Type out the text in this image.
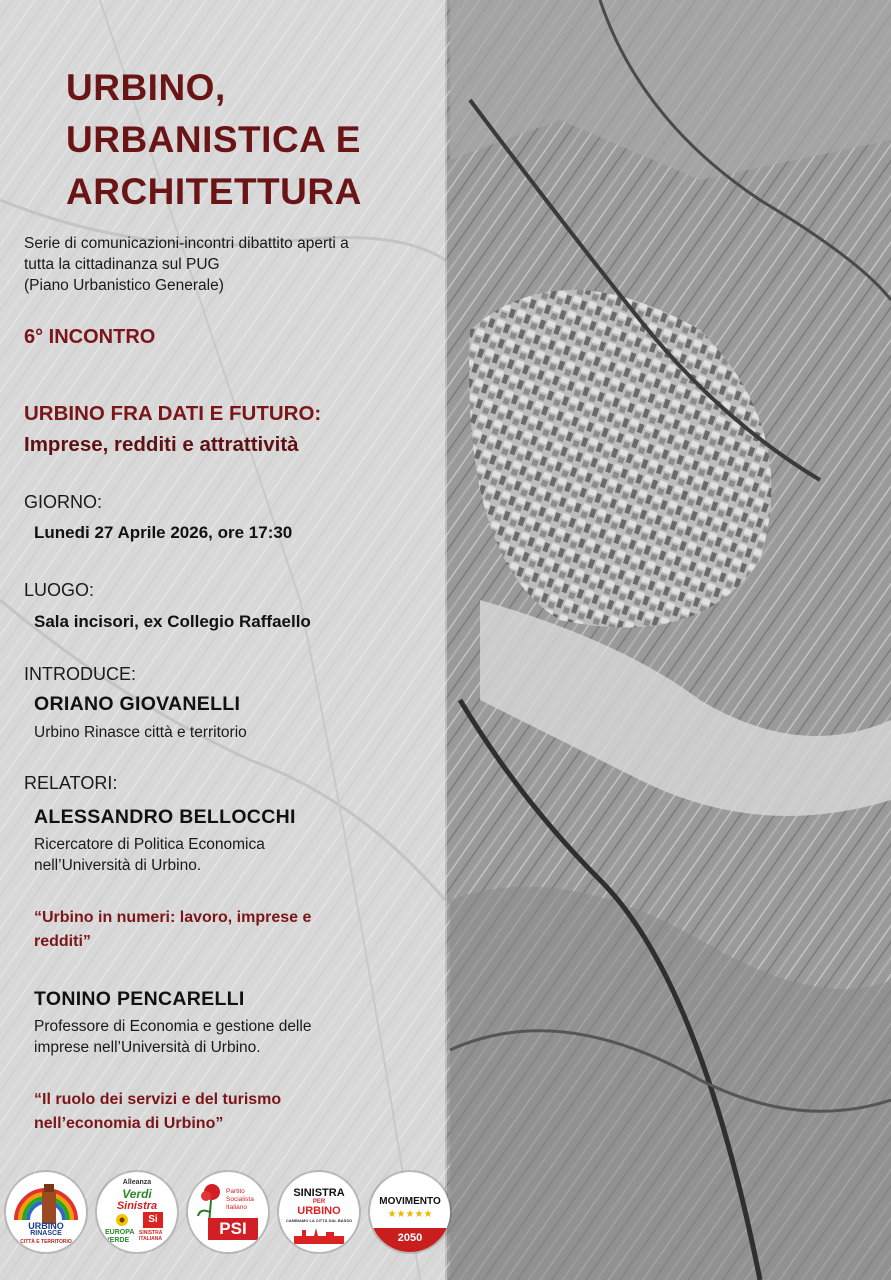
URBINO,
URBANISTICA E
ARCHITETTURA

Serie di comunicazioni-incontri dibattito aperti a
tutta la cittadinanza sul PUG
(Piano Urbanistico Generale)

6° INCONTRO

URBINO FRA DATI E FUTURO:
Imprese, redditi e attrattività

GIORNO:

Lunedi 27 Aprile 2026, ore 17:30

LUOGO:

Sala incisori, ex Collegio Raffaello

INTRODUCE:

ORIANO GIOVANELLI

Urbino Rinasce città e territorio

RELATORI:

ALESSANDRO BELLOCCHI

Ricercatore di Politica Economica
nell’Università di Urbino.

“Urbino in numeri: lavoro, imprese e
redditi”

TONINO PENCARELLI

Professore di Economia e gestione delle
imprese nell’Università di Urbino.

“Il ruolo dei servizi e del turismo
nell’economia di Urbino”

URBINO
RINASCE
CITTÀ E TERRITORIO
Alleanza
Verdi
Sinistra
Si
EUROPA
VERDE
SINISTRA ITALIANA
Partito
Socialista
Italiano
PSI
SINISTRA
PER
URBINO
CAMBIAMO LA CITTÀ DAL BASSO
MOVIMENTO
★★★★★
2050
